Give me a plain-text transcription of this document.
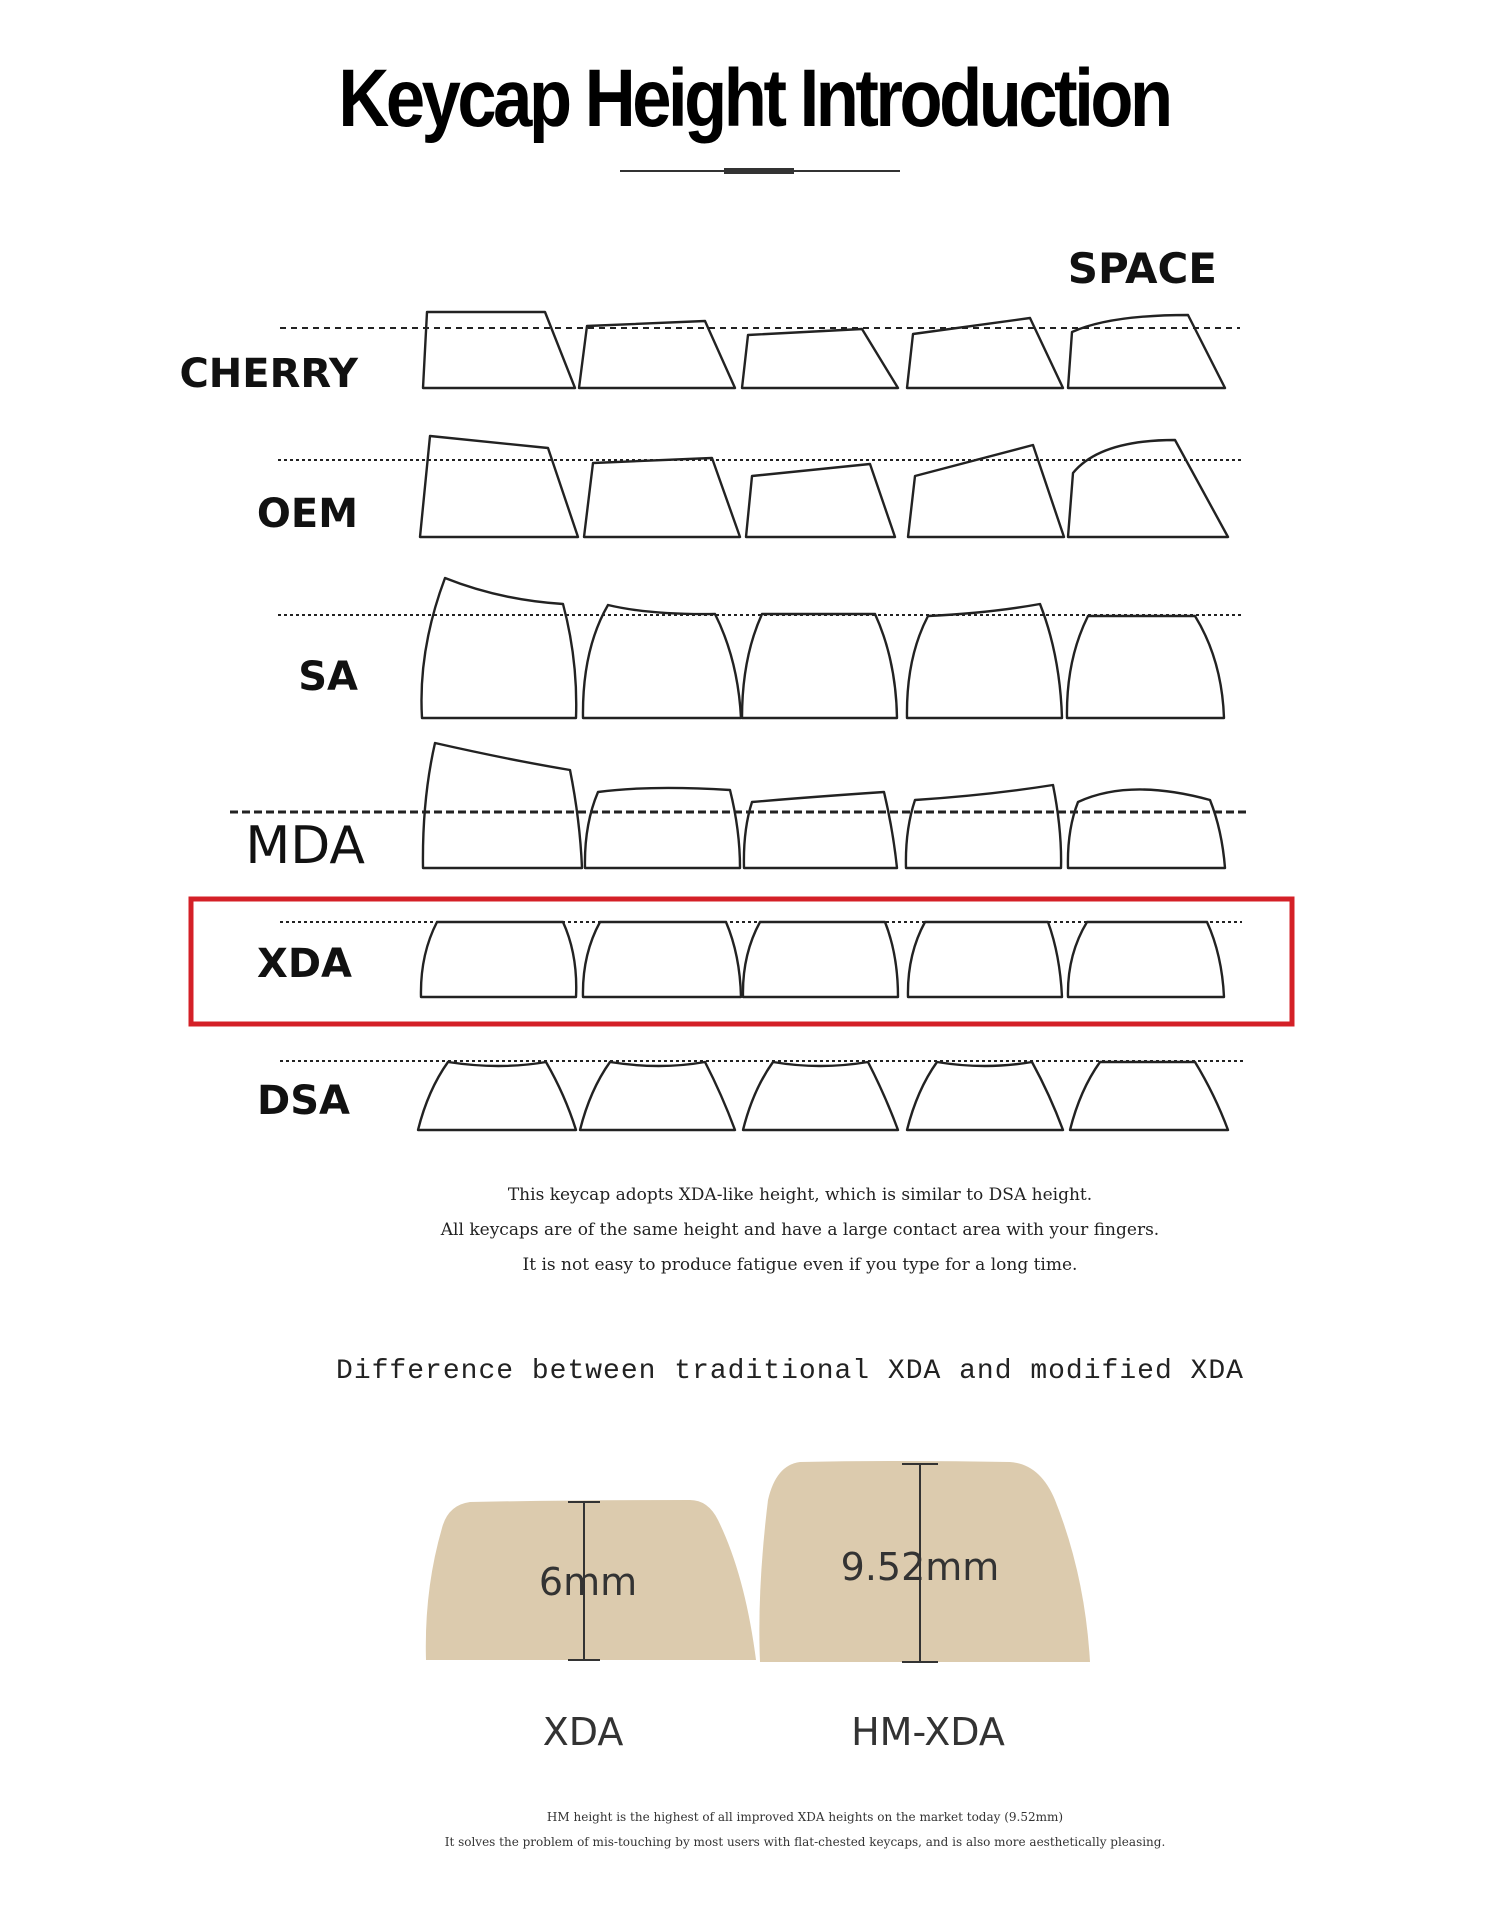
Keycap Height Introduction
SPACE
CHERRY
OEM
SA
MDA
XDA
DSA
6mm	9.52mm
XDA	HM-XDA
This keycap adopts XDA-like height, which is similar to DSA height.
All keycaps are of the same height and have a large contact area with your fingers.
It is not easy to produce fatigue even if you type for a long time.
Difference between traditional XDA and modified XDA
HM height is the highest of all improved XDA heights on the market today (9.52mm)
It solves the problem of mis-touching by most users with flat-chested keycaps, and is also more aesthetically pleasing.
